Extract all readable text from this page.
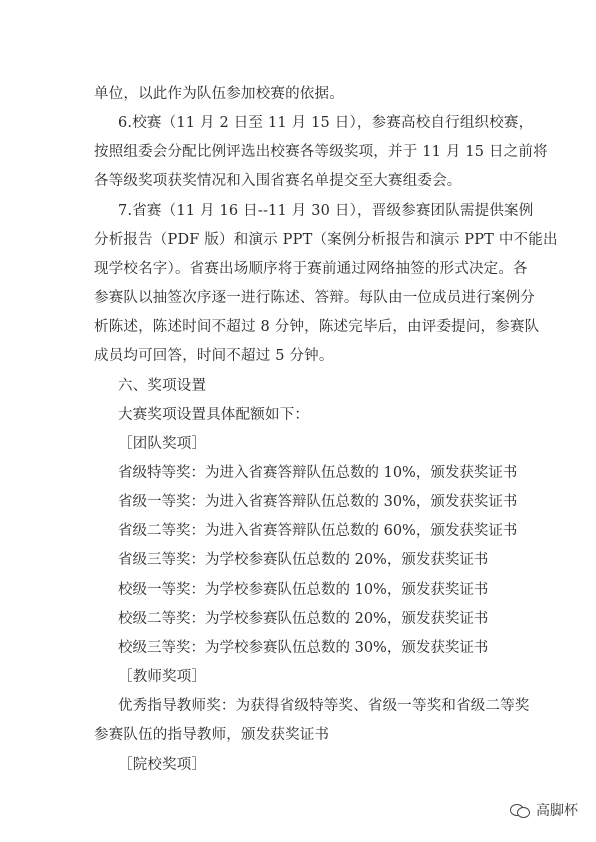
单位，以此作为队伍参加校赛的依据。
6.校赛（11 月 2 日至 11 月 15 日），参赛高校自行组织校赛，
按照组委会分配比例评选出校赛各等级奖项，并于 11 月 15 日之前将
各等级奖项获奖情况和入围省赛名单提交至大赛组委会。
7.省赛（11 月 16 日--11 月 30 日），晋级参赛团队需提供案例
分析报告（PDF 版）和演示 PPT（案例分析报告和演示 PPT 中不能出
现学校名字）。省赛出场顺序将于赛前通过网络抽签的形式决定。各
参赛队以抽签次序逐一进行陈述、答辩。每队由一位成员进行案例分
析陈述，陈述时间不超过 8 分钟，陈述完毕后，由评委提问，参赛队
成员均可回答，时间不超过 5 分钟。
六、奖项设置
大赛奖项设置具体配额如下：
［团队奖项］
省级特等奖：为进入省赛答辩队伍总数的 10%，颁发获奖证书
省级一等奖：为进入省赛答辩队伍总数的 30%，颁发获奖证书
省级二等奖：为进入省赛答辩队伍总数的 60%，颁发获奖证书
省级三等奖：为学校参赛队伍总数的 20%，颁发获奖证书
校级一等奖：为学校参赛队伍总数的 10%，颁发获奖证书
校级二等奖：为学校参赛队伍总数的 20%，颁发获奖证书
校级三等奖：为学校参赛队伍总数的 30%，颁发获奖证书
［教师奖项］
优秀指导教师奖：为获得省级特等奖、省级一等奖和省级二等奖
参赛队伍的指导教师，颁发获奖证书
［院校奖项］
高脚杯
